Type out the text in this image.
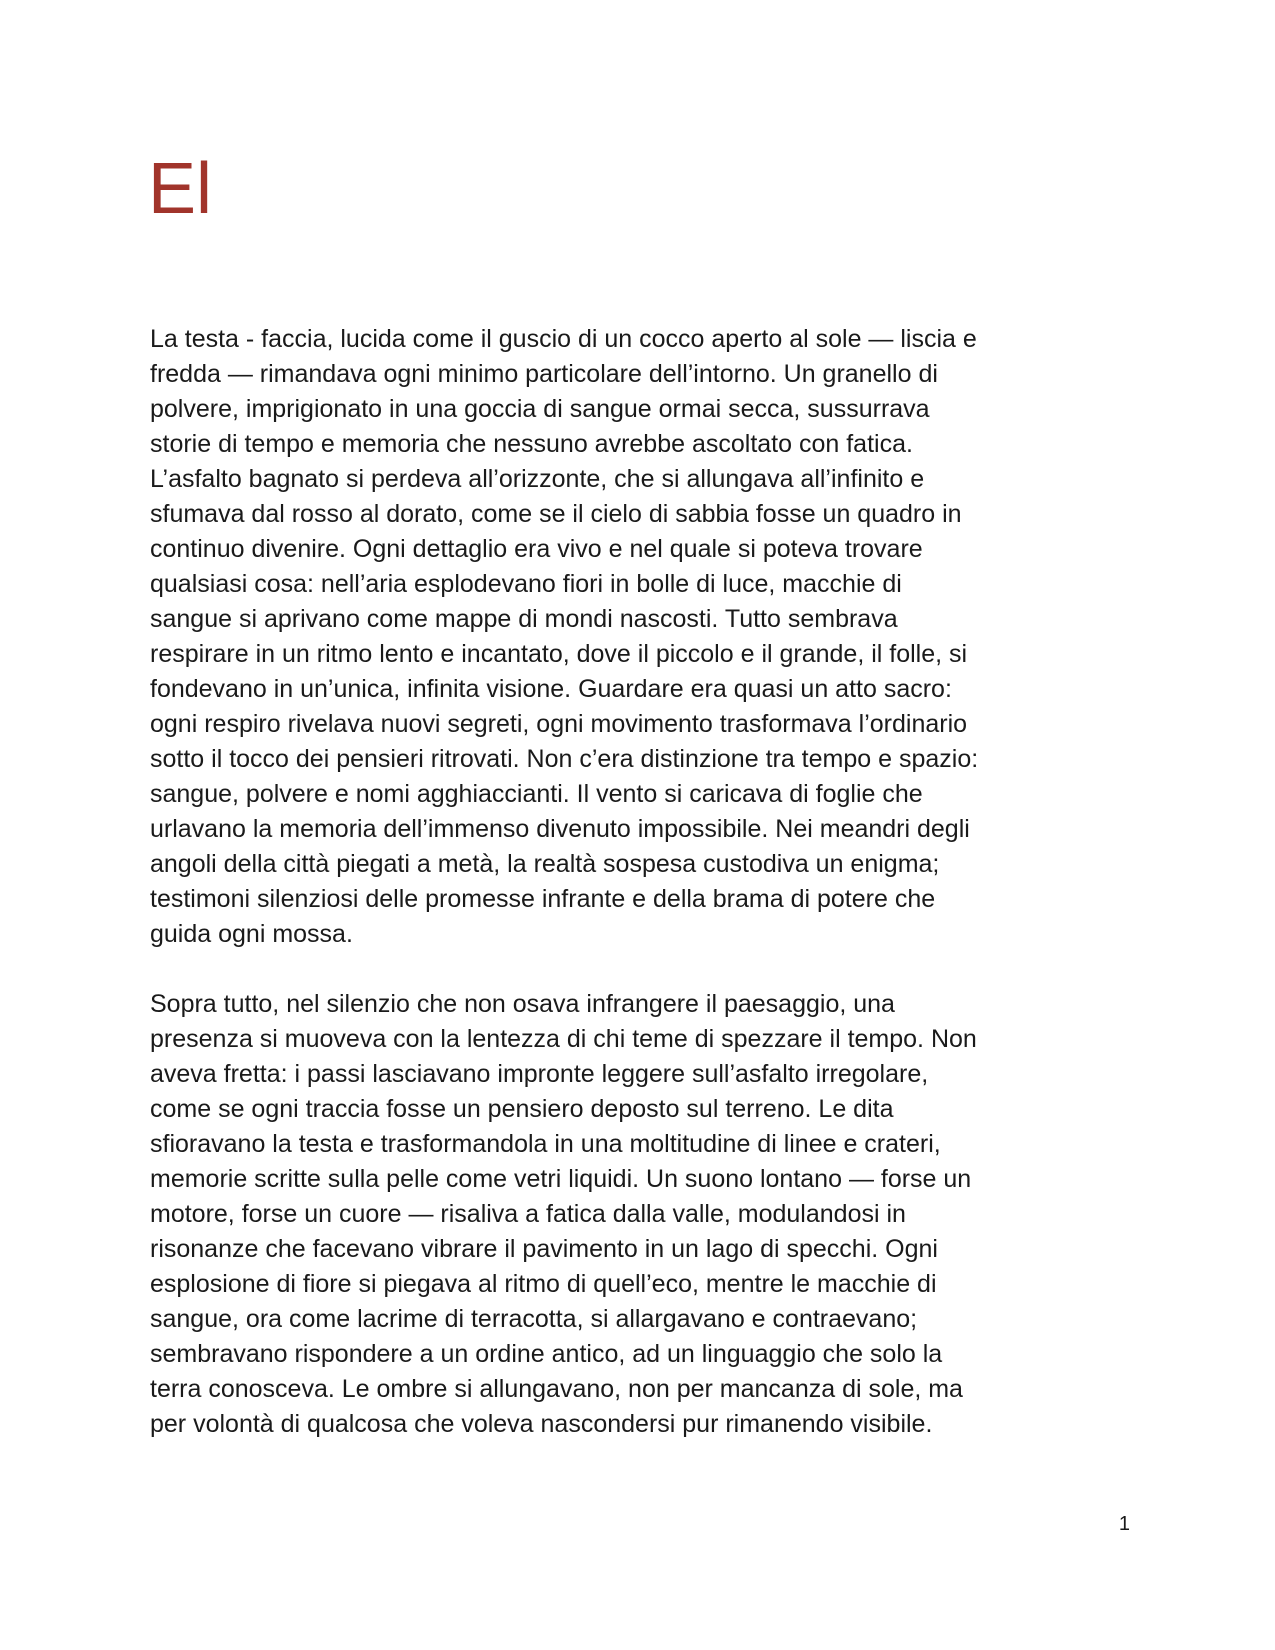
El

La testa - faccia, lucida come il guscio di un cocco aperto al sole — liscia e
fredda — rimandava ogni minimo particolare dell’intorno. Un granello di
polvere, imprigionato in una goccia di sangue ormai secca, sussurrava
storie di tempo e memoria che nessuno avrebbe ascoltato con fatica.
L’asfalto bagnato si perdeva all’orizzonte, che si allungava all’infinito e
sfumava dal rosso al dorato, come se il cielo di sabbia fosse un quadro in
continuo divenire. Ogni dettaglio era vivo e nel quale si poteva trovare
qualsiasi cosa: nell’aria esplodevano fiori in bolle di luce, macchie di
sangue si aprivano come mappe di mondi nascosti. Tutto sembrava
respirare in un ritmo lento e incantato, dove il piccolo e il grande, il folle, si
fondevano in un’unica, infinita visione. Guardare era quasi un atto sacro:
ogni respiro rivelava nuovi segreti, ogni movimento trasformava l’ordinario
sotto il tocco dei pensieri ritrovati. Non c’era distinzione tra tempo e spazio:
sangue, polvere e nomi agghiaccianti. Il vento si caricava di foglie che
urlavano la memoria dell’immenso divenuto impossibile. Nei meandri degli
angoli della città piegati a metà, la realtà sospesa custodiva un enigma;
testimoni silenziosi delle promesse infrante e della brama di potere che
guida ogni mossa.

Sopra tutto, nel silenzio che non osava infrangere il paesaggio, una
presenza si muoveva con la lentezza di chi teme di spezzare il tempo. Non
aveva fretta: i passi lasciavano impronte leggere sull’asfalto irregolare,
come se ogni traccia fosse un pensiero deposto sul terreno. Le dita
sfioravano la testa e trasformandola in una moltitudine di linee e crateri,
memorie scritte sulla pelle come vetri liquidi. Un suono lontano — forse un
motore, forse un cuore — risaliva a fatica dalla valle, modulandosi in
risonanze che facevano vibrare il pavimento in un lago di specchi. Ogni
esplosione di fiore si piegava al ritmo di quell’eco, mentre le macchie di
sangue, ora come lacrime di terracotta, si allargavano e contraevano;
sembravano rispondere a un ordine antico, ad un linguaggio che solo la
terra conosceva. Le ombre si allungavano, non per mancanza di sole, ma
per volontà di qualcosa che voleva nascondersi pur rimanendo visibile.

1
